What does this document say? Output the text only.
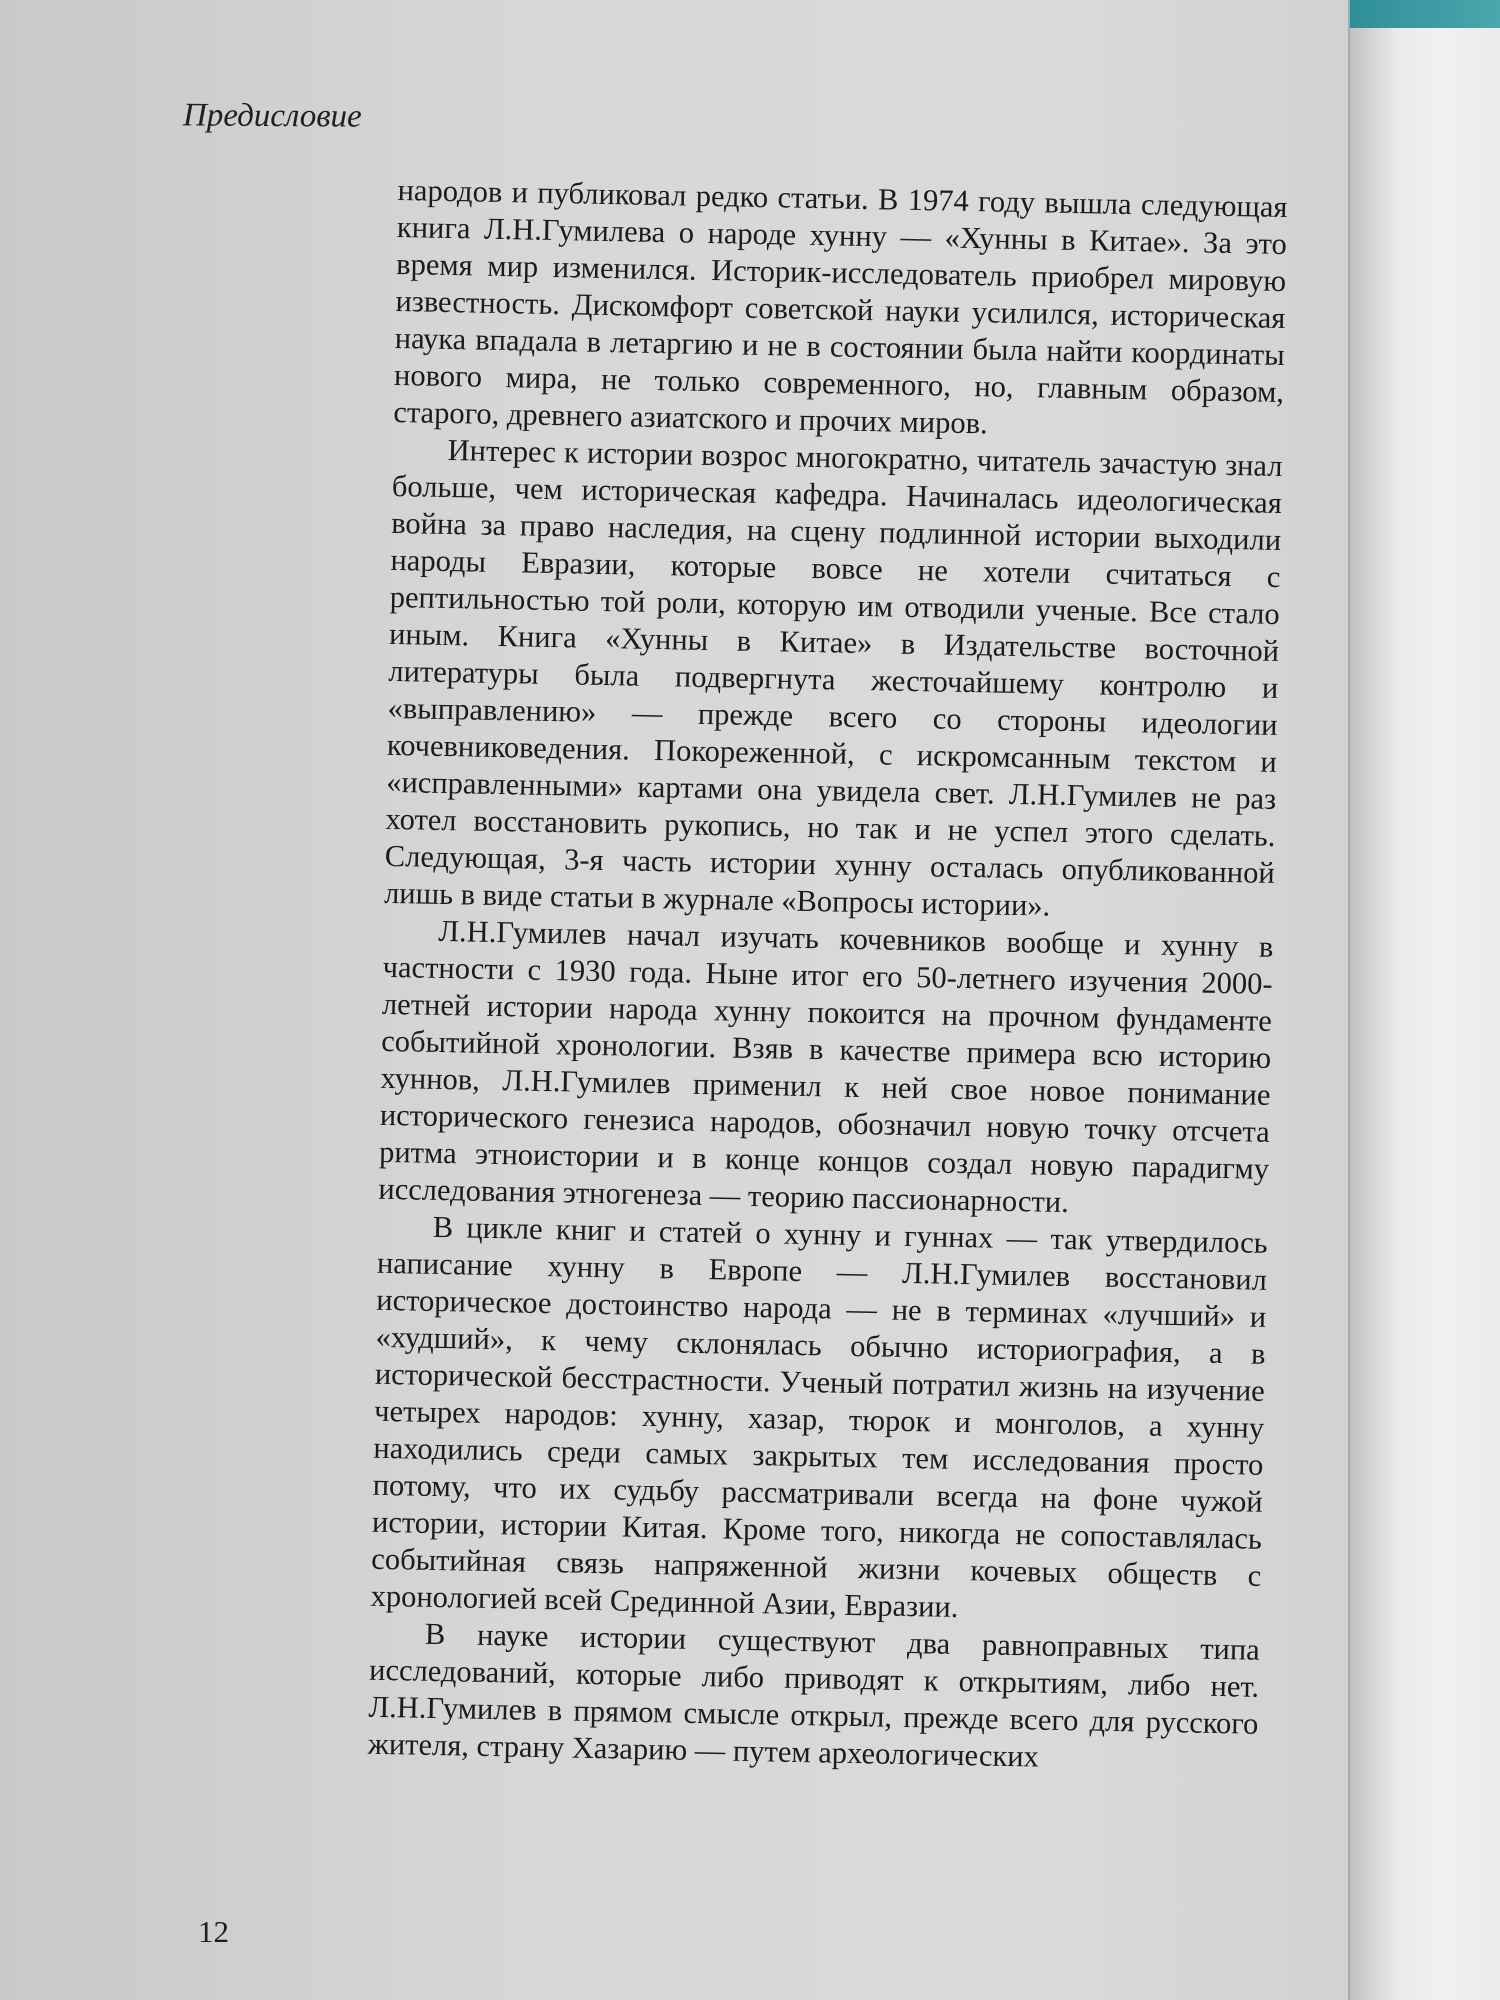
Предисловие

народов и публиковал редко статьи. В 1974 году вышла следующая книга Л.Н.Гумилева о народе хунну — «Хунны в Китае». За это время мир изменился. Историк-исследователь приобрел мировую известность. Дискомфорт советской науки усилился, историческая наука впадала в летаргию и не в состоянии была найти координаты нового мира, не только современного, но, главным образом, старого, древнего азиатского и прочих миров.

Интерес к истории возрос многократно, читатель зачастую знал больше, чем историческая кафедра. Начиналась идеологическая война за право наследия, на сцену подлинной истории выходили народы Евразии, которые вовсе не хотели считаться с рептильностью той роли, которую им отводили ученые. Все стало иным. Книга «Хунны в Китае» в Издательстве восточной литературы была подвергнута жесточайшему контролю и «выправлению» — прежде всего со стороны идеологии кочевниковедения. Покореженной, с искромсанным текстом и «исправленными» картами она увидела свет. Л.Н.Гумилев не раз хотел восстановить рукопись, но так и не успел этого сделать. Следующая, 3-я часть истории хунну осталась опубликованной лишь в виде статьи в журнале «Вопросы истории».

Л.Н.Гумилев начал изучать кочевников вообще и хунну в частности с 1930 года. Ныне итог его 50-летнего изучения 2000-летней истории народа хунну покоится на прочном фундаменте событийной хронологии. Взяв в качестве примера всю историю хуннов, Л.Н.Гумилев применил к ней свое новое понимание исторического генезиса народов, обозначил новую точку отсчета ритма этноистории и в конце концов создал новую парадигму исследования этногенеза — теорию пассионарности.

В цикле книг и статей о хунну и гуннах — так утвердилось написание хунну в Европе — Л.Н.Гумилев восстановил историческое достоинство народа — не в терминах «лучший» и «худший», к чему склонялась обычно историография, а в исторической бесстрастности. Ученый потратил жизнь на изучение четырех народов: хунну, хазар, тюрок и монголов, а хунну находились среди самых закрытых тем исследования просто потому, что их судьбу рассматривали всегда на фоне чужой истории, истории Китая. Кроме того, никогда не сопоставлялась событийная связь напряженной жизни кочевых обществ с хронологией всей Срединной Азии, Евразии.

В науке истории существуют два равноправных типа исследований, которые либо приводят к открытиям, либо нет. Л.Н.Гумилев в прямом смысле открыл, прежде всего для русского жителя, страну Хазарию — путем археологических

12
